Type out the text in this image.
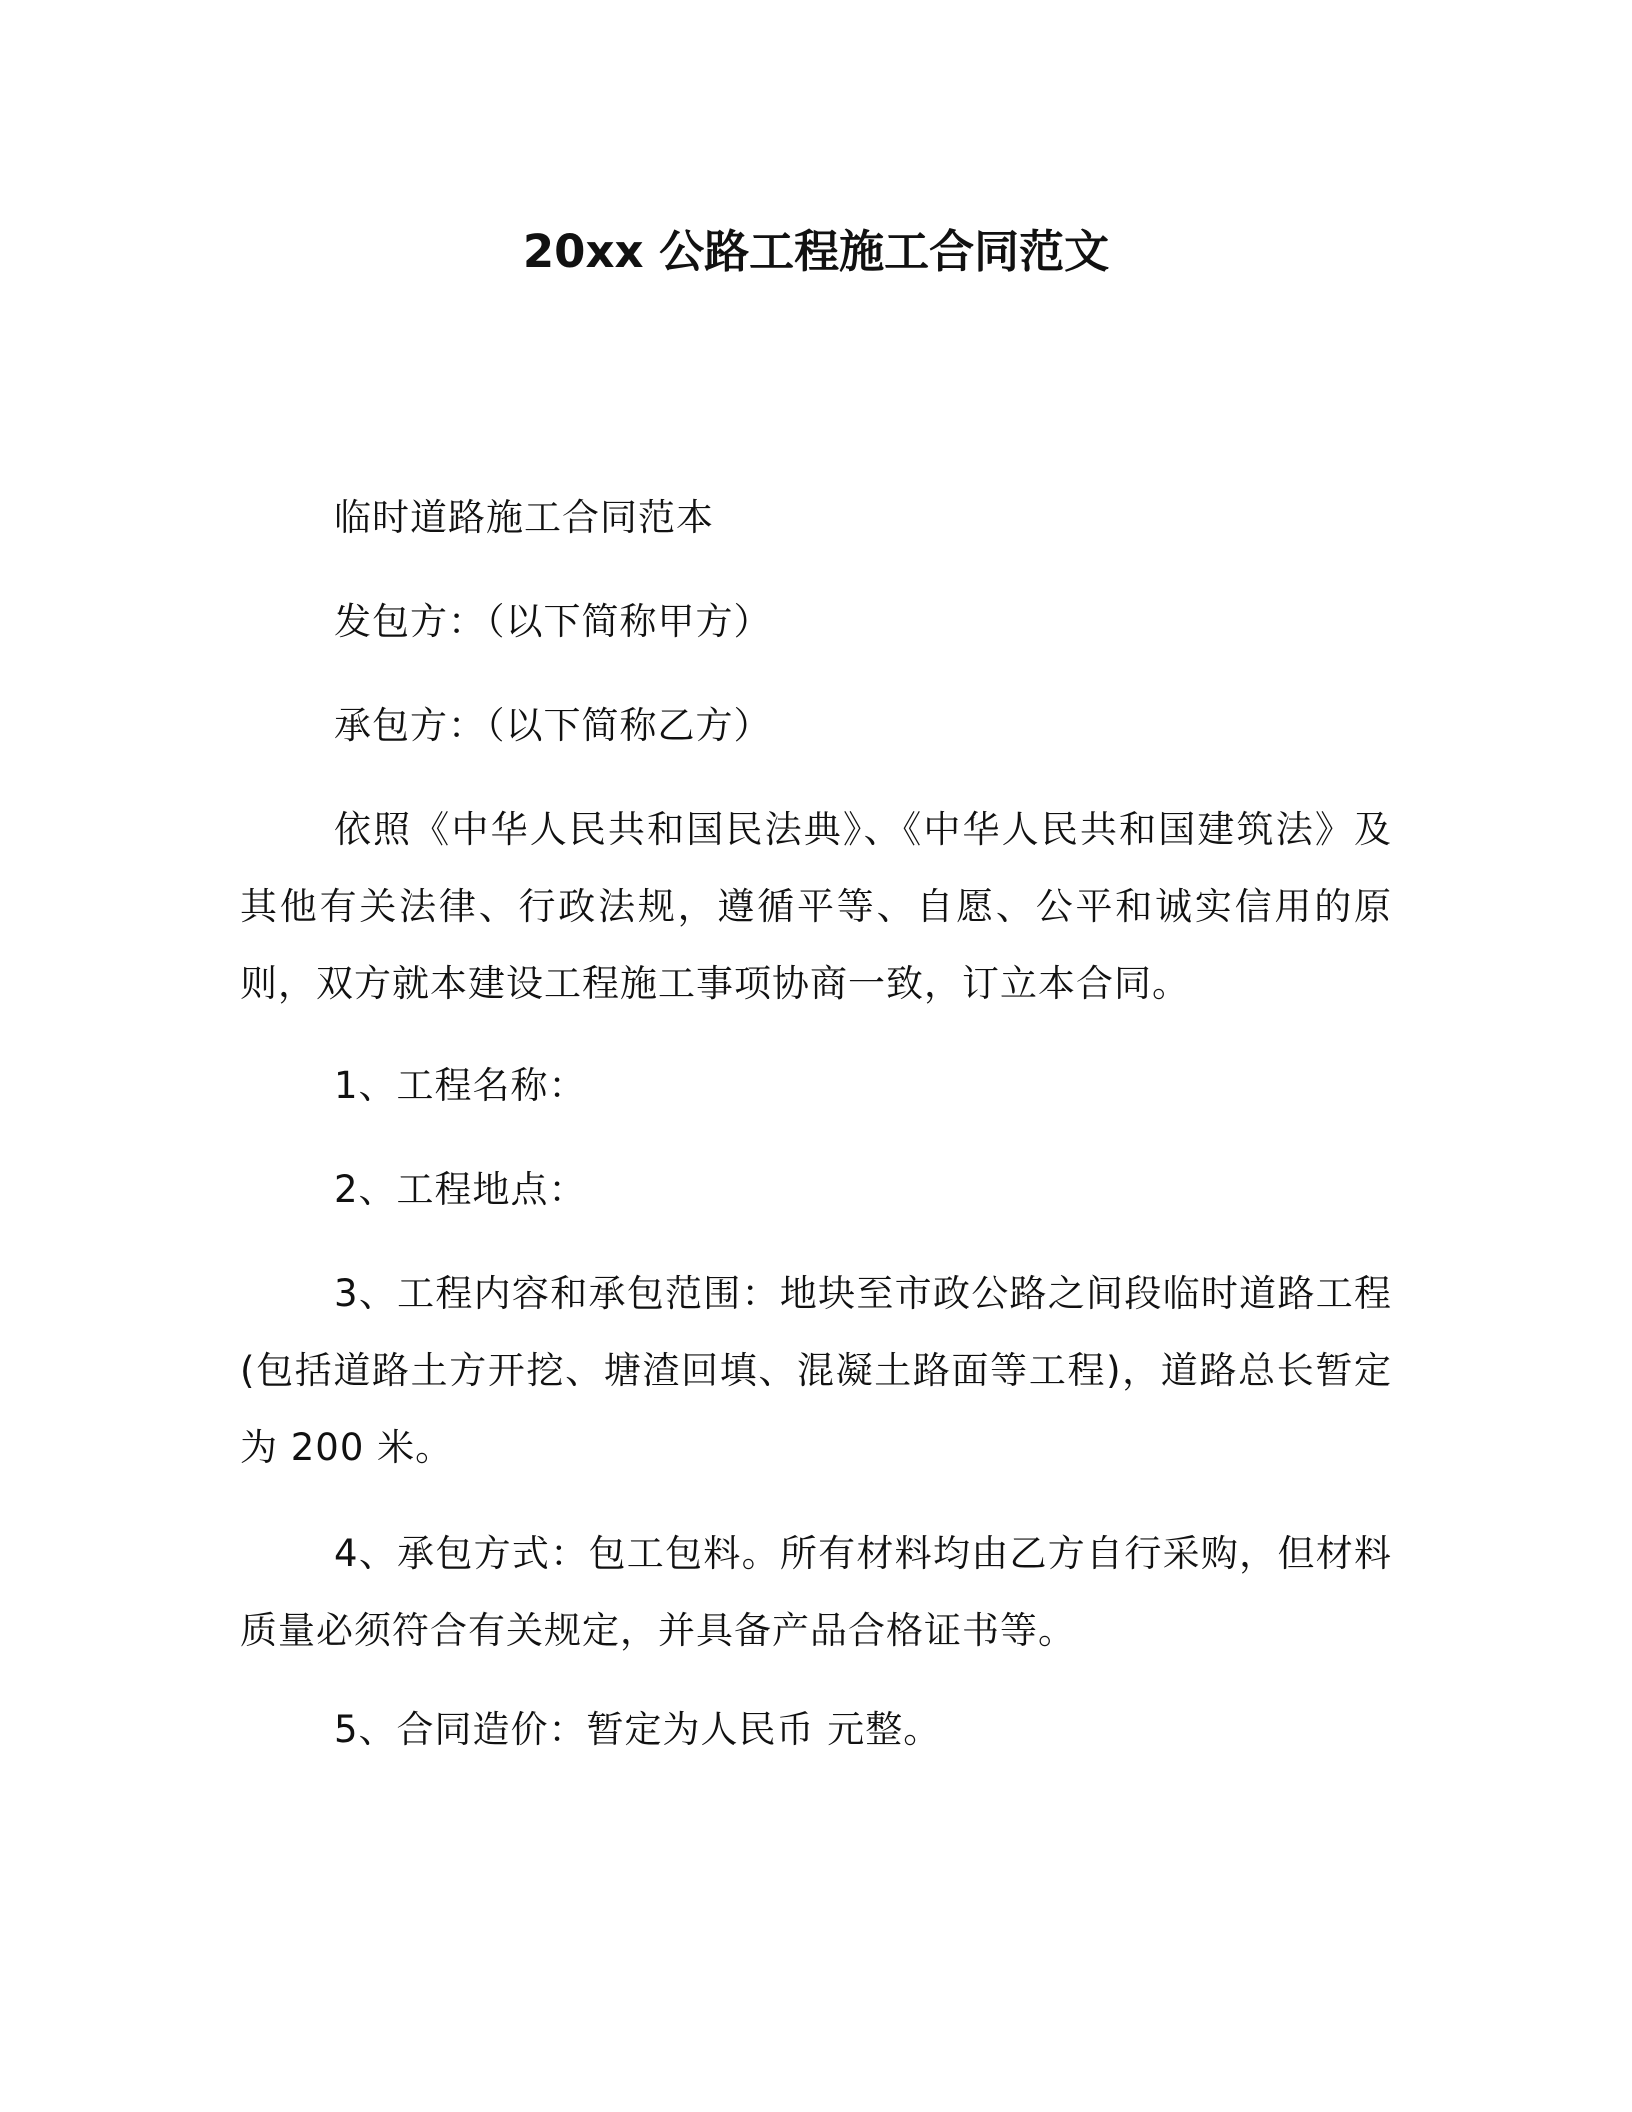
20xx 公路工程施工合同范文

临时道路施工合同范本

发包方：（以下简称甲方）

承包方：（以下简称乙方）

依照《中华人民共和国民法典》、《中华人民共和国建筑法》及其他有关法律、行政法规，遵循平等、自愿、公平和诚实信用的原则，双方就本建设工程施工事项协商一致，订立本合同。

1、工程名称：

2、工程地点：

3、工程内容和承包范围：地块至市政公路之间段临时道路工程(包括道路土方开挖、塘渣回填、混凝土路面等工程)，道路总长暂定为 200 米。

4、承包方式：包工包料。所有材料均由乙方自行采购，但材料质量必须符合有关规定，并具备产品合格证书等。

5、合同造价：暂定为人民币 元整。
